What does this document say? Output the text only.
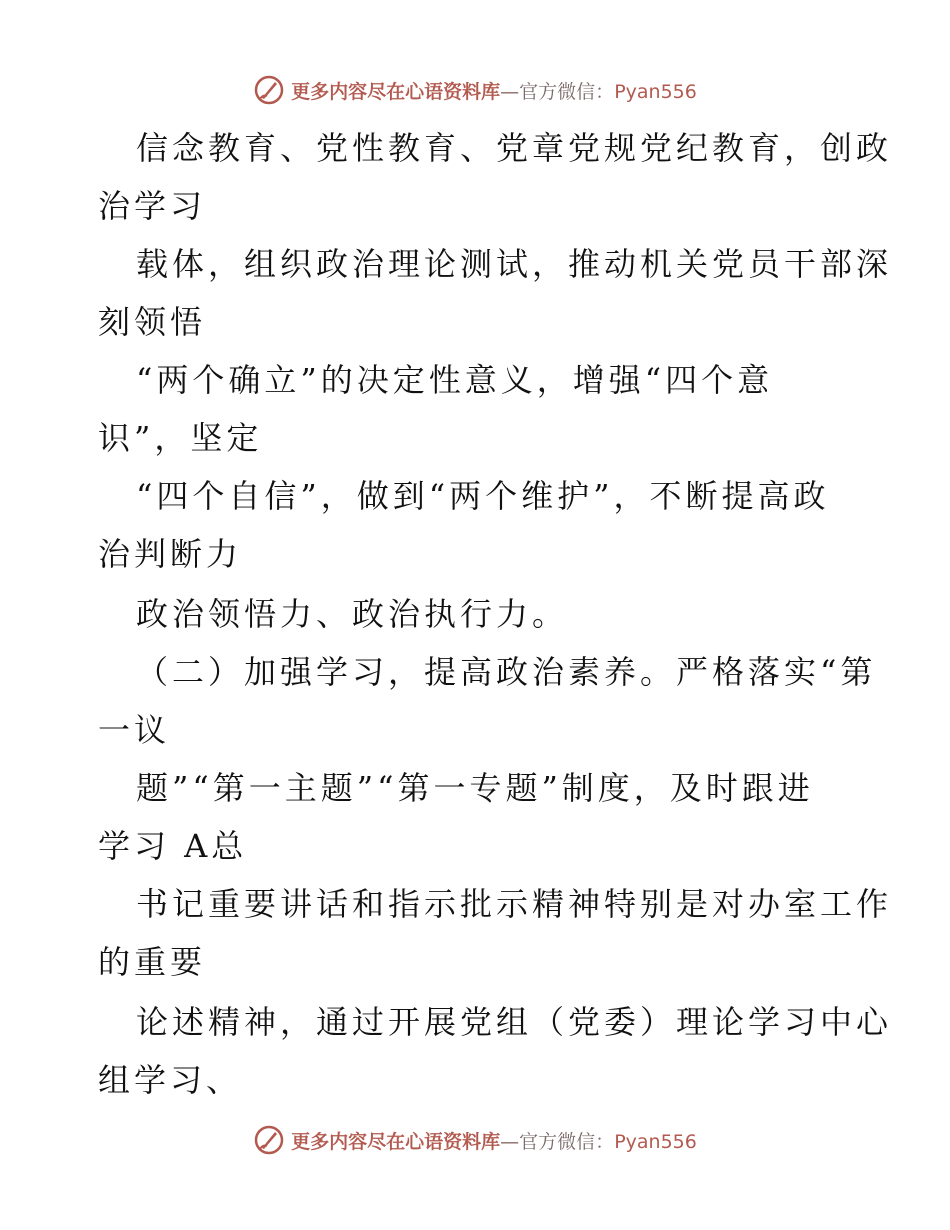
更多内容尽在心语资料库—官方微信：Pyan556
信念教育、党性教育、党章党规党纪教育，创政
治学习
载体，组织政治理论测试，推动机关党员干部深
刻领悟
“两个确立”的决定性意义，增强“四个意
识”，坚定
“四个自信”，做到“两个维护”，不断提高政
治判断力
政治领悟力、政治执行力。
（二）加强学习，提高政治素养。严格落实“第
一议
题”“第一主题”“第一专题”制度，及时跟进
学习 A总
书记重要讲话和指示批示精神特别是对办室工作
的重要
论述精神，通过开展党组（党委）理论学习中心
组学习、
更多内容尽在心语资料库—官方微信：Pyan556
